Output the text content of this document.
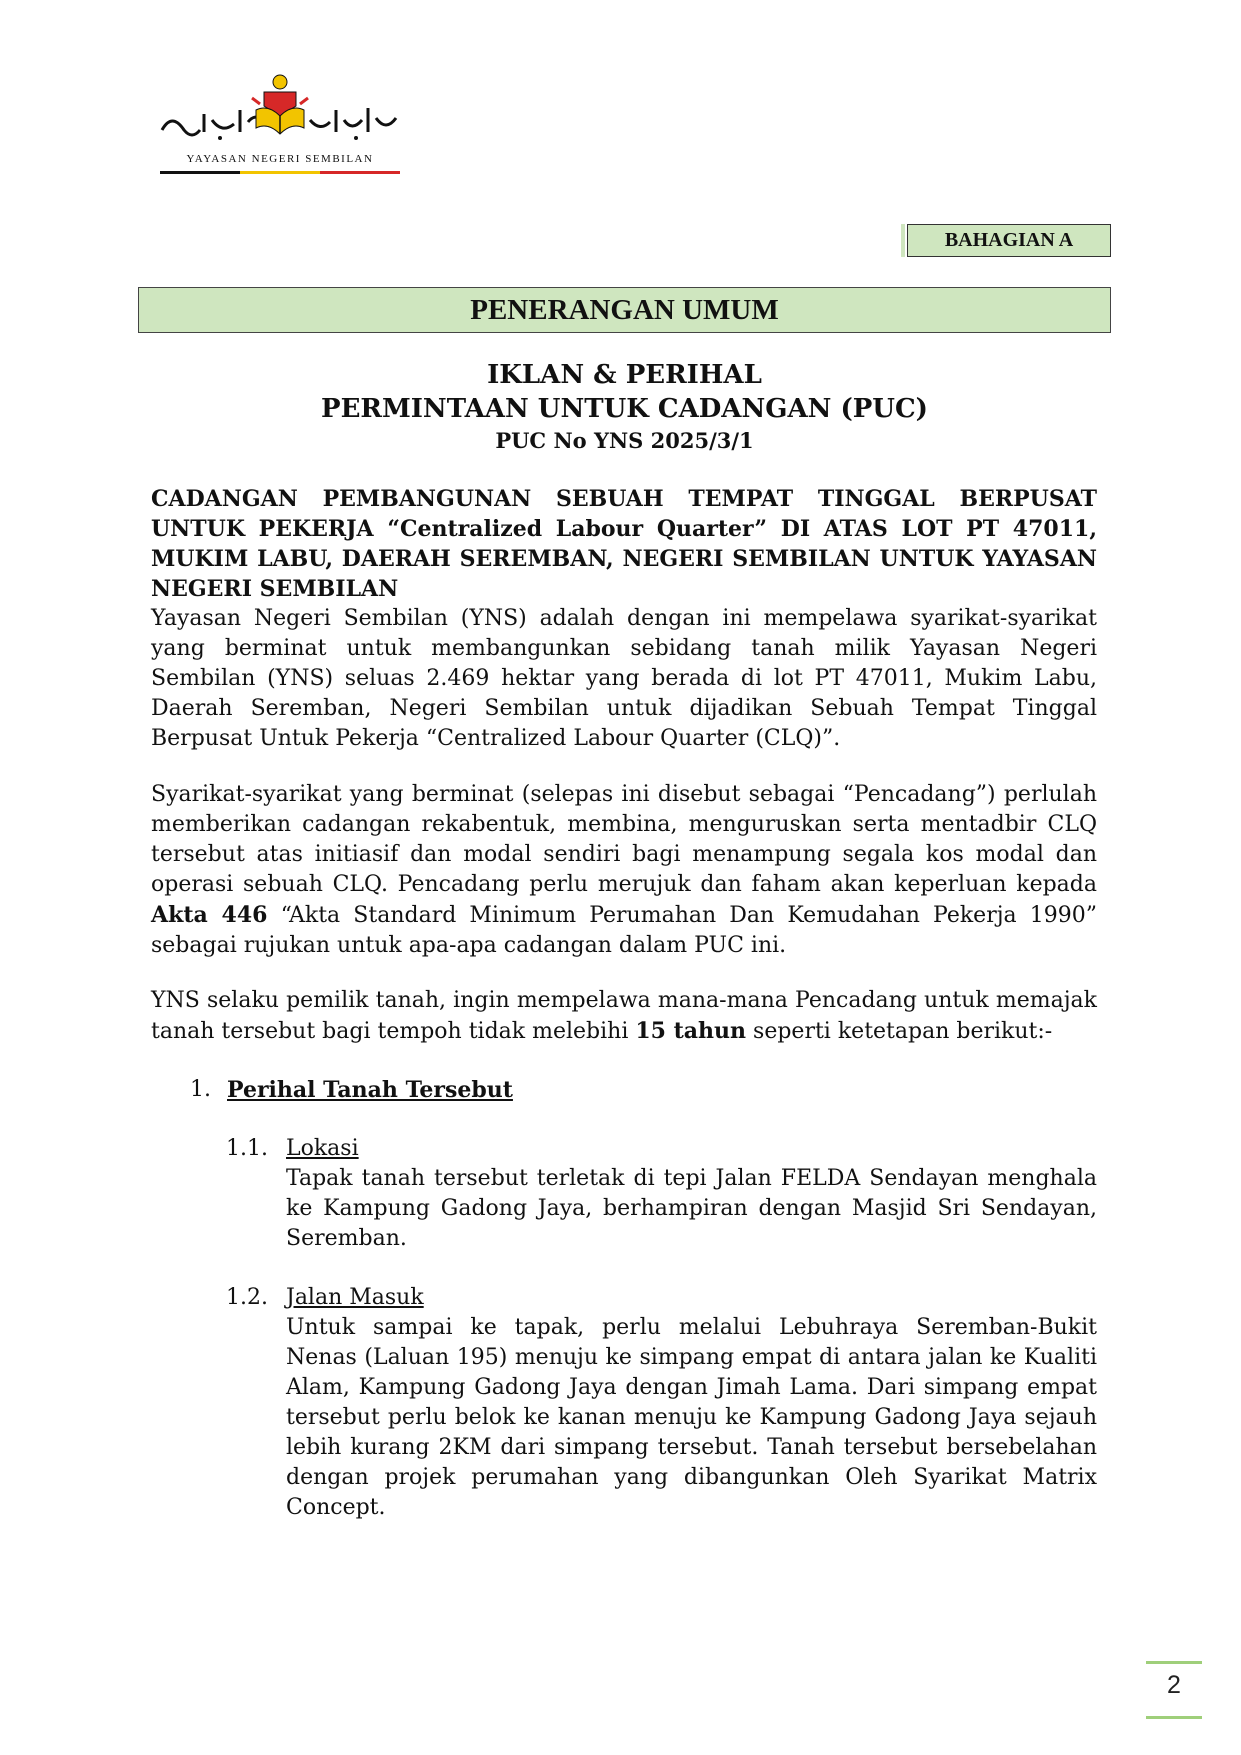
YAYASAN NEGERI SEMBILAN
BAHAGIAN A
PENERANGAN UMUM
IKLAN & PERIHAL
PERMINTAAN UNTUK CADANGAN (PUC)
PUC No YNS 2025/3/1

CADANGAN PEMBANGUNAN SEBUAH TEMPAT TINGGAL BERPUSAT UNTUK PEKERJA “Centralized Labour Quarter” DI ATAS LOT PT 47011, MUKIM LABU, DAERAH SEREMBAN, NEGERI SEMBILAN UNTUK YAYASAN NEGERI SEMBILAN

Yayasan Negeri Sembilan (YNS) adalah dengan ini mempelawa syarikat-syarikat yang berminat untuk membangunkan sebidang tanah milik Yayasan Negeri Sembilan (YNS) seluas 2.469 hektar yang berada di lot PT 47011, Mukim Labu, Daerah Seremban, Negeri Sembilan untuk dijadikan Sebuah Tempat Tinggal Berpusat Untuk Pekerja “Centralized Labour Quarter (CLQ)”.

Syarikat-syarikat yang berminat (selepas ini disebut sebagai “Pencadang”) perlulah memberikan cadangan rekabentuk, membina, menguruskan serta mentadbir CLQ tersebut atas initiasif dan modal sendiri bagi menampung segala kos modal dan operasi sebuah CLQ. Pencadang perlu merujuk dan faham akan keperluan kepada Akta 446 “Akta Standard Minimum Perumahan Dan Kemudahan Pekerja 1990” sebagai rujukan untuk apa-apa cadangan dalam PUC ini.

YNS selaku pemilik tanah, ingin mempelawa mana-mana Pencadang untuk memajak tanah tersebut bagi tempoh tidak melebihi 15 tahun seperti ketetapan berikut:-

1. Perihal Tanah Tersebut
1.1. Lokasi

Tapak tanah tersebut terletak di tepi Jalan FELDA Sendayan menghala ke Kampung Gadong Jaya, berhampiran dengan Masjid Sri Sendayan, Seremban.

1.2. Jalan Masuk

Untuk sampai ke tapak, perlu melalui Lebuhraya Seremban-Bukit Nenas (Laluan 195) menuju ke simpang empat di antara jalan ke Kualiti Alam, Kampung Gadong Jaya dengan Jimah Lama. Dari simpang empat tersebut perlu belok ke kanan menuju ke Kampung Gadong Jaya sejauh lebih kurang 2KM dari simpang tersebut. Tanah tersebut bersebelahan dengan projek perumahan yang dibangunkan Oleh Syarikat Matrix Concept.

2
